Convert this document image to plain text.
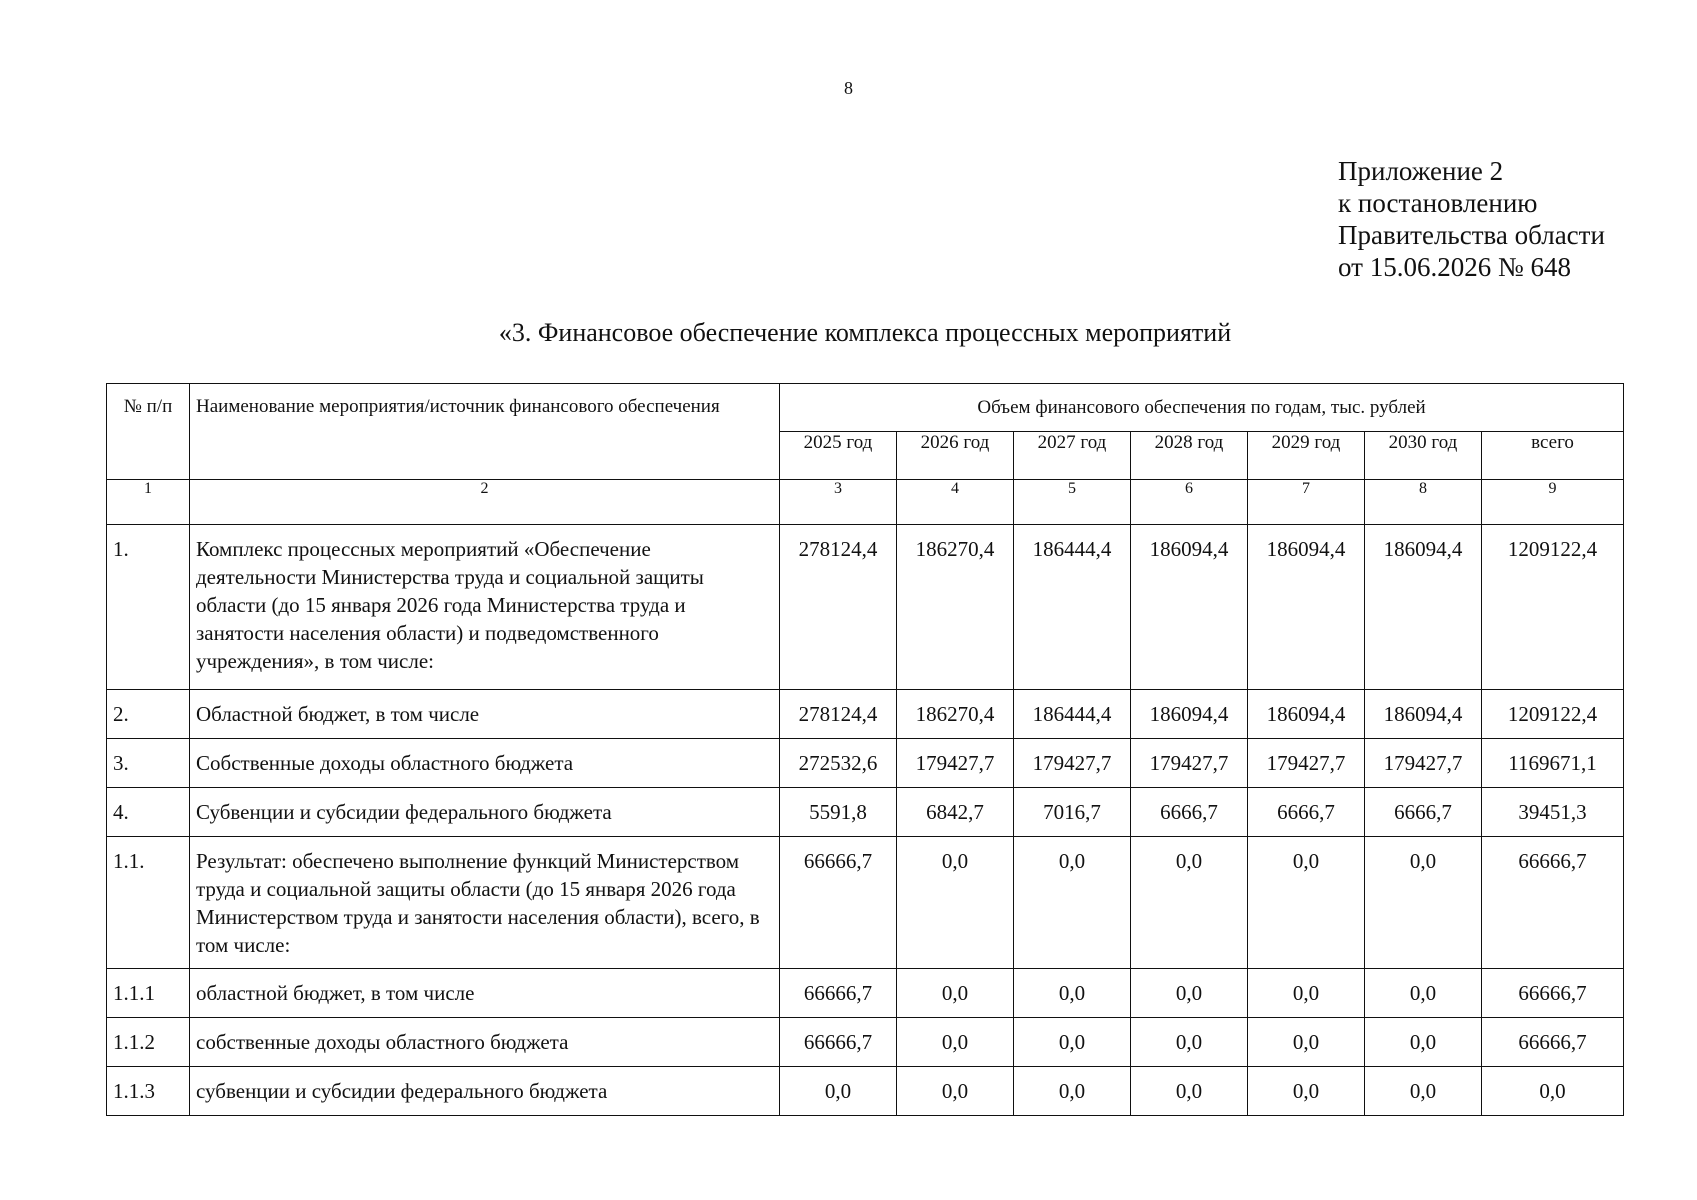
8
Приложение 2
к постановлению
Правительства области
от 15.06.2026 № 648
«3. Финансовое обеспечение комплекса процессных мероприятий
№ п/п	Наименование мероприятия/источник финансового обеспечения	Объем финансового обеспечения по годам, тыс. рублей						
		2025 год	2026 год	2027 год	2028 год	2029 год	2030 год	всего
1	2	3	4	5	6	7	8	9
1.	Комплекс процессных мероприятий «Обеспечение деятельности Министерства труда и социальной защиты области (до 15 января 2026 года Министерства труда и занятости населения области) и подведомственного учреждения», в том числе:	278124,4	186270,4	186444,4	186094,4	186094,4	186094,4	1209122,4
2.	Областной бюджет, в том числе	278124,4	186270,4	186444,4	186094,4	186094,4	186094,4	1209122,4
3.	Собственные доходы областного бюджета	272532,6	179427,7	179427,7	179427,7	179427,7	179427,7	1169671,1
4.	Субвенции и субсидии федерального бюджета	5591,8	6842,7	7016,7	6666,7	6666,7	6666,7	39451,3
1.1.	Результат: обеспечено выполнение функций Министерством труда и социальной защиты области (до 15 января 2026 года Министерством труда и занятости населения области), всего, в том числе:	66666,7	0,0	0,0	0,0	0,0	0,0	66666,7
1.1.1	областной бюджет, в том числе	66666,7	0,0	0,0	0,0	0,0	0,0	66666,7
1.1.2	собственные доходы областного бюджета	66666,7	0,0	0,0	0,0	0,0	0,0	66666,7
1.1.3	субвенции и субсидии федерального бюджета	0,0	0,0	0,0	0,0	0,0	0,0	0,0
